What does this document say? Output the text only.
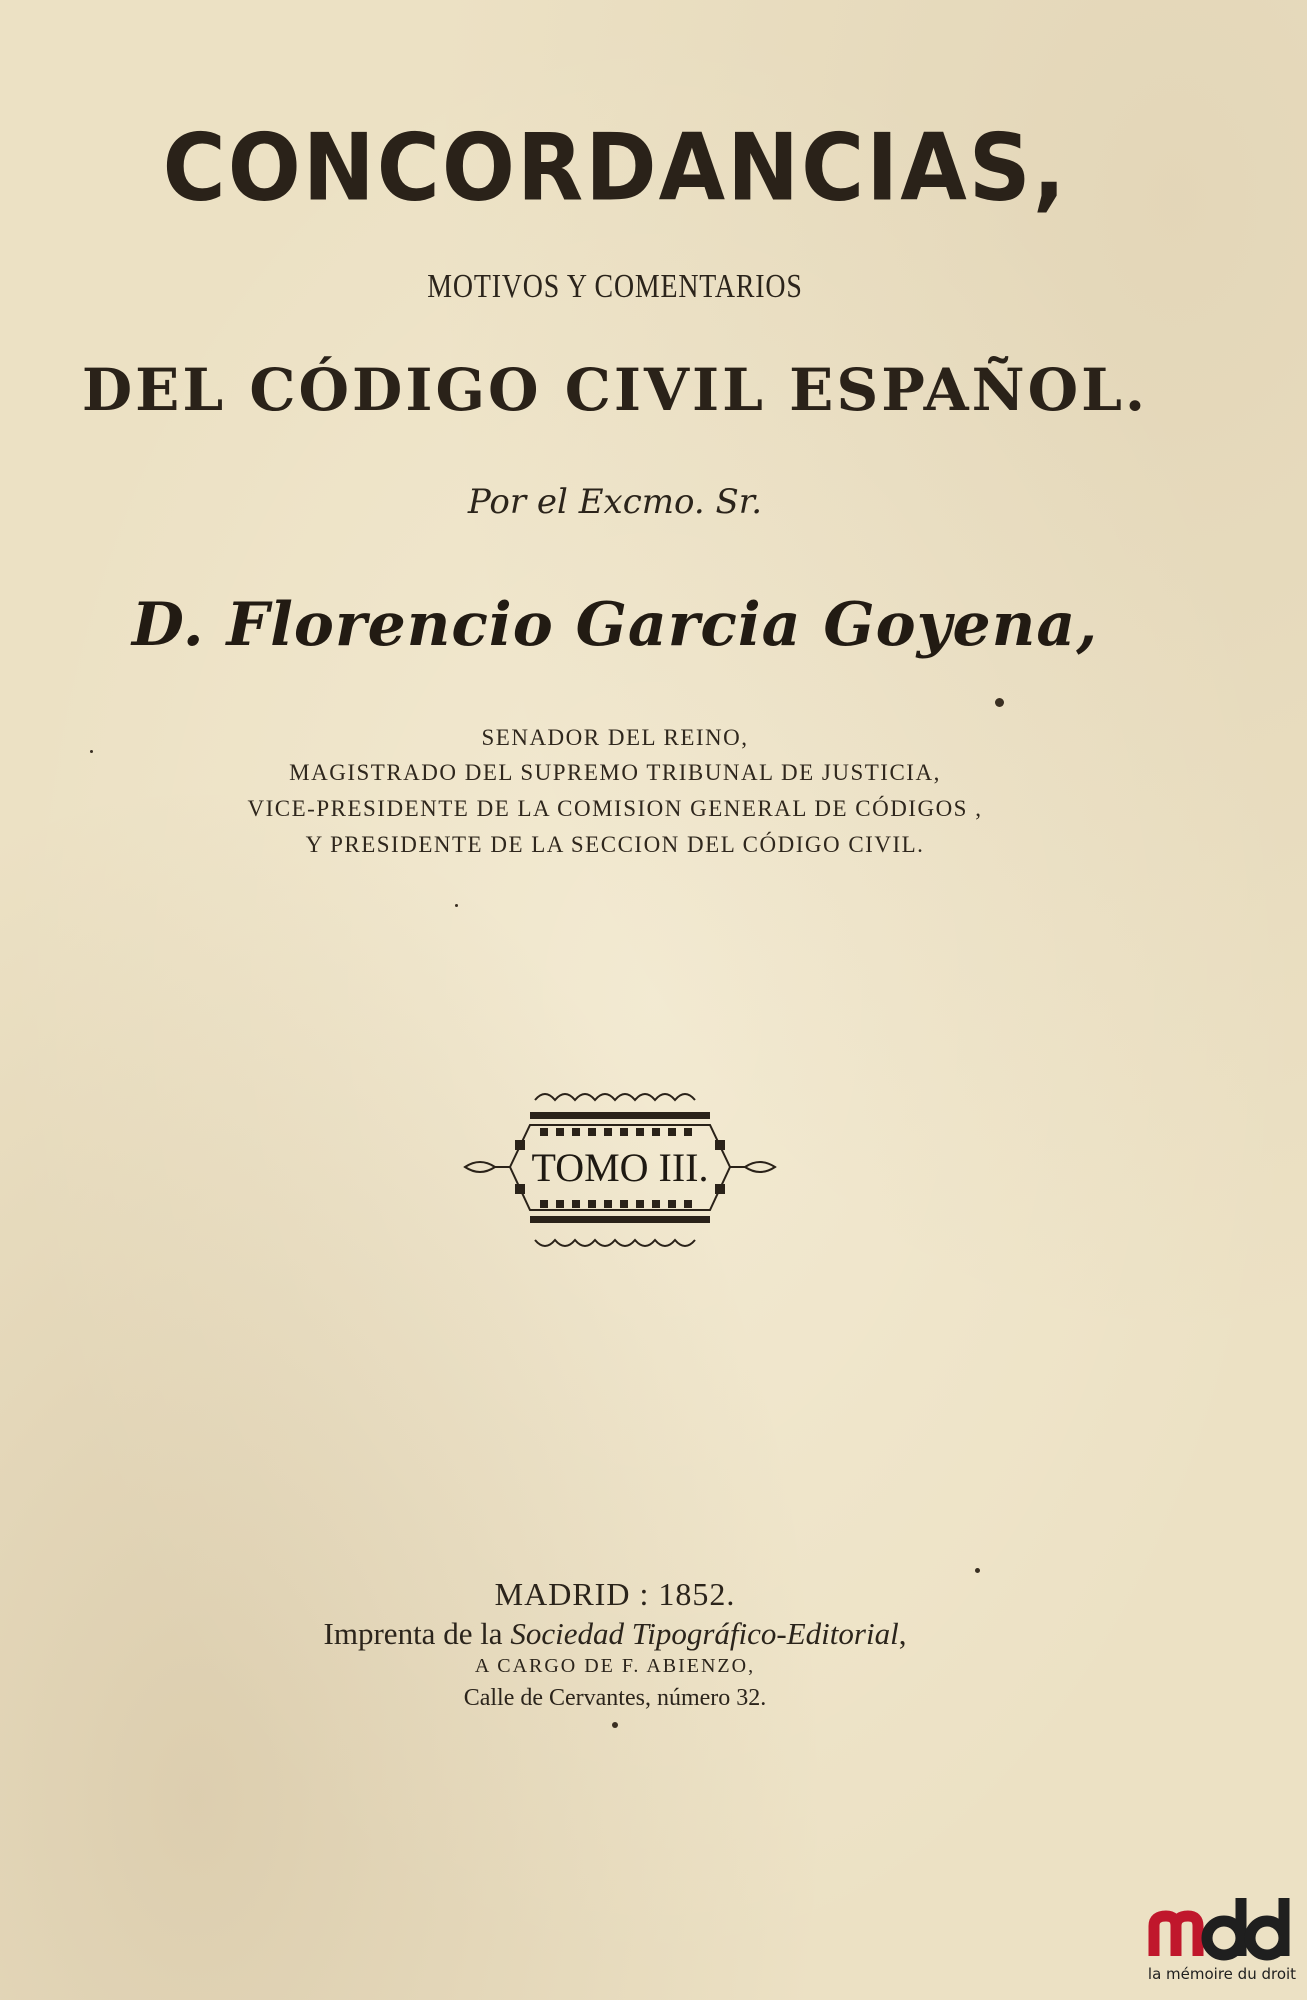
CONCORDANCIAS,
MOTIVOS Y COMENTARIOS
DEL CÓDIGO CIVIL ESPAÑOL.
Por el Excmo. Sr.
D. Florencio Garcia Goyena,
SENADOR DEL REINO,
MAGISTRADO DEL SUPREMO TRIBUNAL DE JUSTICIA,
VICE-PRESIDENTE DE LA COMISION GENERAL DE CÓDIGOS ,
Y PRESIDENTE DE LA SECCION DEL CÓDIGO CIVIL.
TOMO III.
MADRID : 1852.
Imprenta de la Sociedad Tipográfico-Editorial,
A CARGO DE F. ABIENZO,
Calle de Cervantes, número 32.
la mémoire du droit
